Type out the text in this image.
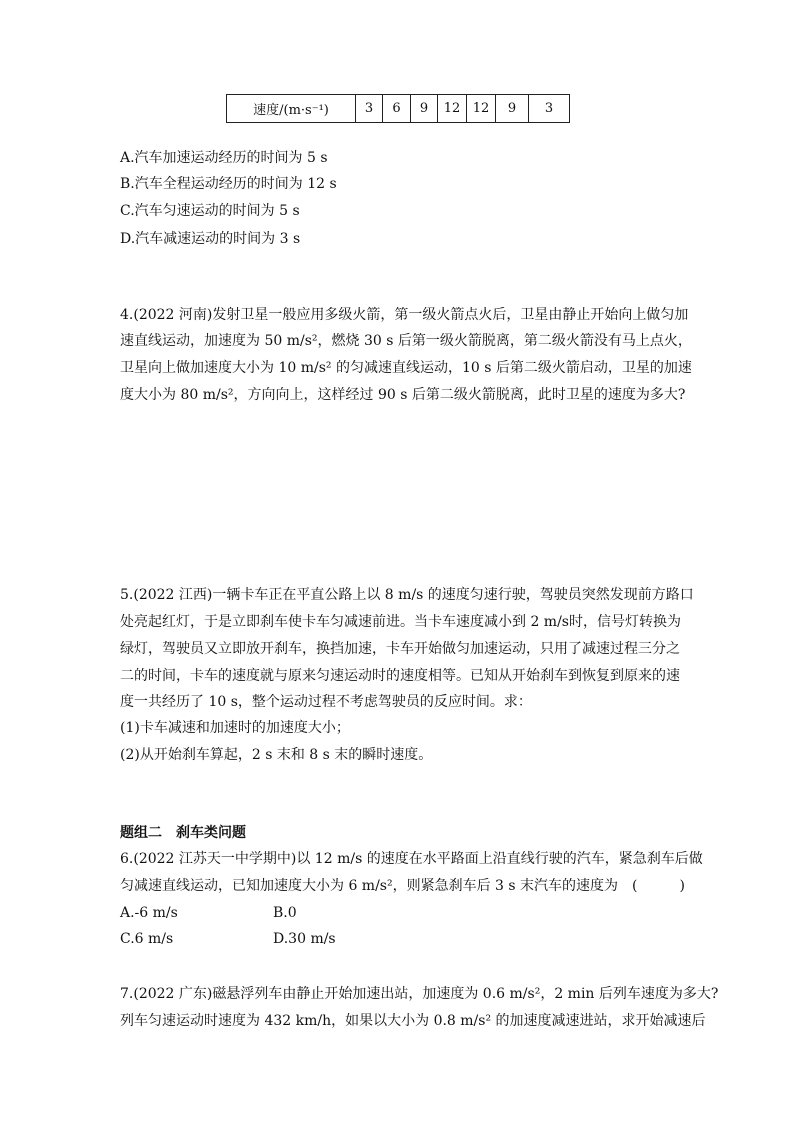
速度/(m·s⁻¹)	3	6	9	12	12	9	3
A.汽车加速运动经历的时间为 5 s
B.汽车全程运动经历的时间为 12 s
C.汽车匀速运动的时间为 5 s
D.汽车减速运动的时间为 3 s
4.(2022 河南)发射卫星一般应用多级火箭，第一级火箭点火后，卫星由静止开始向上做匀加
速直线运动，加速度为 50 m/s²，燃烧 30 s 后第一级火箭脱离，第二级火箭没有马上点火，
卫星向上做加速度大小为 10 m/s² 的匀减速直线运动，10 s 后第二级火箭启动，卫星的加速
度大小为 80 m/s²，方向向上，这样经过 90 s 后第二级火箭脱离，此时卫星的速度为多大?
5.(2022 江西)一辆卡车正在平直公路上以 8 m/s 的速度匀速行驶，驾驶员突然发现前方路口
处亮起红灯，于是立即刹车使卡车匀减速前进。当卡车速度减小到 2 m/s时，信号灯转换为
绿灯，驾驶员又立即放开刹车，换挡加速，卡车开始做匀加速运动，只用了减速过程三分之
二的时间，卡车的速度就与原来匀速运动时的速度相等。已知从开始刹车到恢复到原来的速
度一共经历了 10 s，整个运动过程不考虑驾驶员的反应时间。求：
(1)卡车减速和加速时的加速度大小；
(2)从开始刹车算起，2 s 末和 8 s 末的瞬时速度。
题组二　刹车类问题
6.(2022 江苏天一中学期中)以 12 m/s 的速度在水平路面上沿直线行驶的汽车，紧急刹车后做
匀减速直线运动，已知加速度大小为 6 m/s²，则紧急刹车后 3 s 末汽车的速度为　(　　　)
A.-6 m/s	B.0
C.6 m/s	D.30 m/s
7.(2022 广东)磁悬浮列车由静止开始加速出站，加速度为 0.6 m/s²，2 min 后列车速度为多大?
列车匀速运动时速度为 432 km/h，如果以大小为 0.8 m/s² 的加速度减速进站，求开始减速后
